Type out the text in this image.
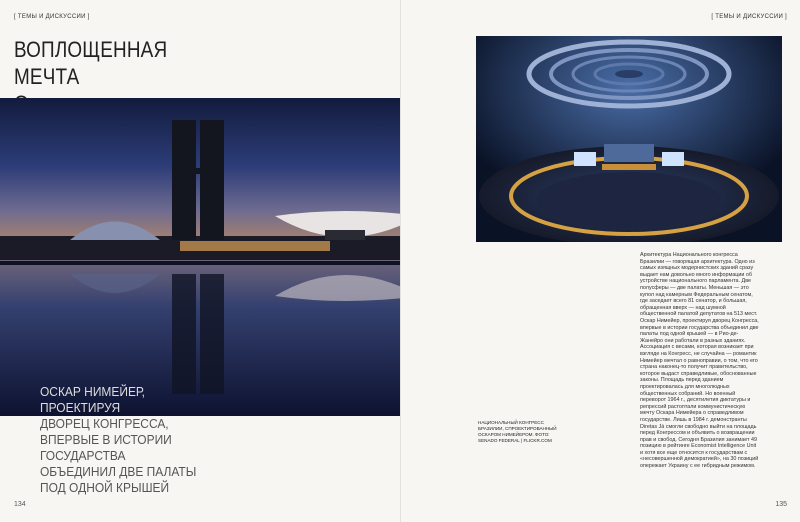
[ ТЕМЫ И ДИСКУССИИ ]
ВОПЛОЩЕННАЯ МЕЧТА
ОСКАР НИМЕЙЕР,
ПРОЕКТИРУЯ
ДВОРЕЦ КОНГРЕССА,
ВПЕРВЫЕ В ИСТОРИИ
ГОСУДАРСТВА
ОБЪЕДИНИЛ ДВЕ ПАЛАТЫ
ПОД ОДНОЙ КРЫШЕЙ
134
[ ТЕМЫ И ДИСКУССИИ ]
135
НАЦИОНАЛЬНЫЙ КОНГРЕСС БРАЗИЛИИ, СПРОЕКТИРОВАННЫЙ ОСКАРОМ НИМЕЙЕРОМ. ФОТО: SENADO FEDERAL | FLICKR.COM
Архитектура Национального конгресса Бразилии — говорящая архитектура. Одно из самых изящных модернистских зданий сразу выдает нам довольно много информации об устройстве национального парламента. Две полусферы — две палаты. Меньшая — это купол над камерным Федеральным сенатом, где заседает всего 81 сенатор, и большая, обращенная вверх — над шумной общественной палатой депутатов на 513 мест.
Оскар Нимейер, проектируя дворец Конгресса, впервые в истории государства объединил две палаты под одной крышей — в Рио-де-Жанейро они работали в разных зданиях. Ассоциация с весами, которая возникает при взгляде на Конгресс, не случайна — романтик Нимейер мечтал о равноправии, о том, что его страна наконец-то получит правительство, которое выдаст справедливые, обоснованные законы. Площадь перед зданием проектировалась для многолюдных общественных собраний. Но военный переворот 1964 г., десятилетия диктатуры и репрессий растоптали коммунистическую мечту Оскара Нимейера о справедливом государстве. Лишь в 1984 г. демонстранты Diretas Já смогли свободно выйти на площадь перед Конгрессом и объявить о возвращении прав и свобод. Сегодня Бразилия занимает 49 позицию в рейтинге Economist Intelligence Unit и хотя все еще относится к государствам с «несовершенной демократией», на 30 позиций опережает Украину с ее гибридным режимом.
